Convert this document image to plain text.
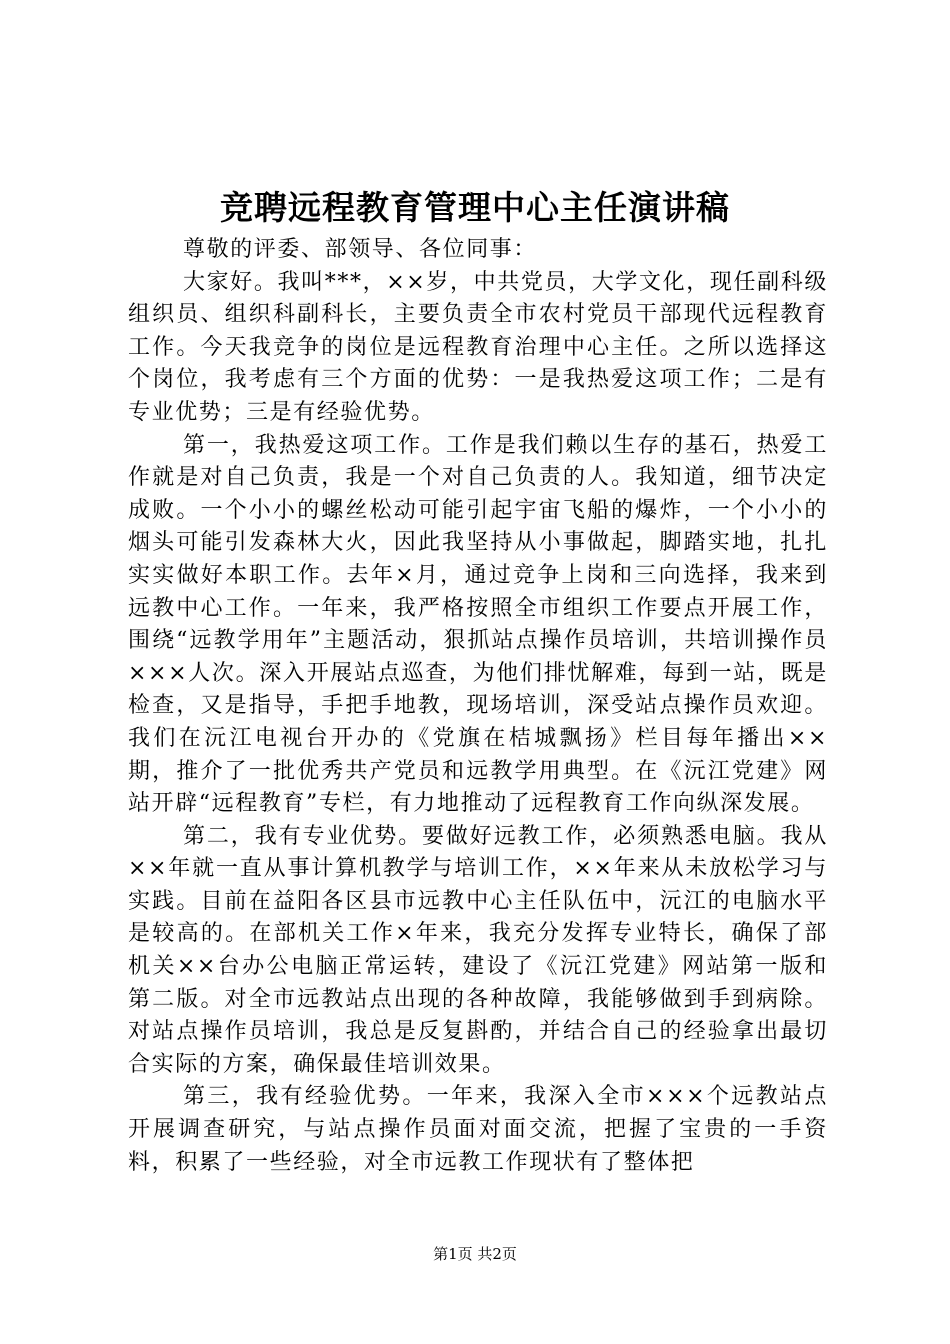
竞聘远程教育管理中心主任演讲稿

尊敬的评委、部领导、各位同事：

大家好。我叫***，××岁，中共党员，大学文化，现任副科级组织员、组织科副科长，主要负责全市农村党员干部现代远程教育工作。今天我竞争的岗位是远程教育治理中心主任。之所以选择这个岗位，我考虑有三个方面的优势：一是我热爱这项工作；二是有专业优势；三是有经验优势。

第一，我热爱这项工作。工作是我们赖以生存的基石，热爱工作就是对自己负责，我是一个对自己负责的人。我知道，细节决定成败。一个小小的螺丝松动可能引起宇宙飞船的爆炸，一个小小的烟头可能引发森林大火，因此我坚持从小事做起，脚踏实地，扎扎实实做好本职工作。去年×月，通过竞争上岗和三向选择，我来到远教中心工作。一年来，我严格按照全市组织工作要点开展工作，围绕“远教学用年”主题活动，狠抓站点操作员培训，共培训操作员×××人次。深入开展站点巡查，为他们排忧解难，每到一站，既是检查，又是指导，手把手地教，现场培训，深受站点操作员欢迎。我们在沅江电视台开办的《党旗在桔城飘扬》栏目每年播出××期，推介了一批优秀共产党员和远教学用典型。在《沅江党建》网站开辟“远程教育”专栏，有力地推动了远程教育工作向纵深发展。

第二，我有专业优势。要做好远教工作，必须熟悉电脑。我从××年就一直从事计算机教学与培训工作，××年来从未放松学习与实践。目前在益阳各区县市远教中心主任队伍中，沅江的电脑水平是较高的。在部机关工作×年来，我充分发挥专业特长，确保了部机关××台办公电脑正常运转，建设了《沅江党建》网站第一版和第二版。对全市远教站点出现的各种故障，我能够做到手到病除。对站点操作员培训，我总是反复斟酌，并结合自己的经验拿出最切合实际的方案，确保最佳培训效果。

第三，我有经验优势。一年来，我深入全市×××个远教站点开展调查研究，与站点操作员面对面交流，把握了宝贵的一手资料，积累了一些经验，对全市远教工作现状有了整体把

第1页 共2页
